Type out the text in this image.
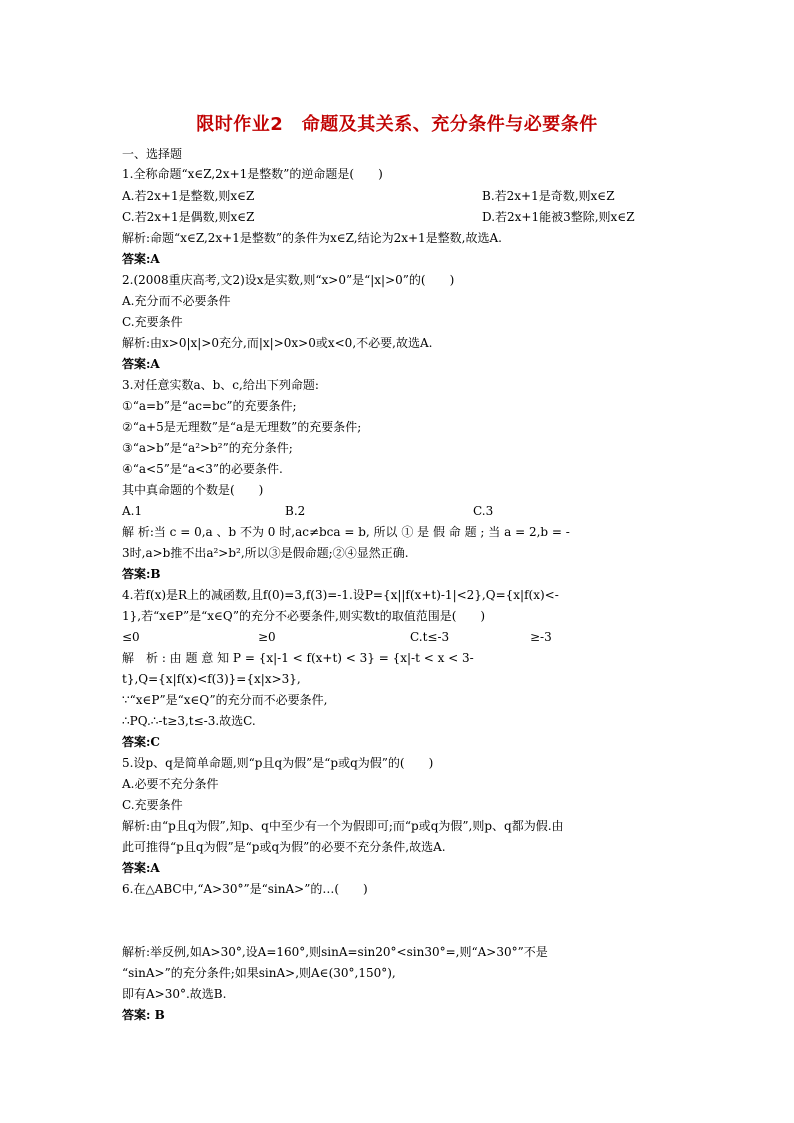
限时作业2　命题及其关系、充分条件与必要条件
一、选择题
1.全称命题“x∈Z,2x+1是整数”的逆命题是(　　)
A.若2x+1是整数,则x∈Z	B.若2x+1是奇数,则x∈Z
C.若2x+1是偶数,则x∈Z	D.若2x+1能被3整除,则x∈Z
解析:命题“x∈Z,2x+1是整数”的条件为x∈Z,结论为2x+1是整数,故选A.
答案:A
2.(2008重庆高考,文2)设x是实数,则“x>0”是“|x|>0”的(　　)
A.充分而不必要条件
C.充要条件
解析:由x>0|x|>0充分,而|x|>0x>0或x<0,不必要,故选A.
答案:A
3.对任意实数a、b、c,给出下列命题:
①“a=b”是“ac=bc”的充要条件;
②“a+5是无理数”是“a是无理数”的充要条件;
③“a>b”是“a²>b²”的充分条件;
④“a<5”是“a<3”的必要条件.
其中真命题的个数是(　　)
A.1	B.2	C.3
解 析:当 c = 0,a 、b 不为 0 时,ac≠bca = b, 所以 ① 是 假 命 题 ; 当 a = 2,b = -
3时,a>b推不出a²>b²,所以③是假命题;②④显然正确.
答案:B
4.若f(x)是R上的减函数,且f(0)=3,f(3)=-1.设P={x||f(x+t)-1|<2},Q={x|f(x)<-
1},若“x∈P”是“x∈Q”的充分不必要条件,则实数t的取值范围是(　　)
≤0	≥0	C.t≤-3	≥-3
解　析 : 由 题 意 知 P = {x|-1 < f(x+t) < 3} = {x|-t < x < 3-
t},Q={x|f(x)<f(3)}={x|x>3},
∵“x∈P”是“x∈Q”的充分而不必要条件,
∴PQ.∴-t≥3,t≤-3.故选C.
答案:C
5.设p、q是简单命题,则“p且q为假”是“p或q为假”的(　　)
A.必要不充分条件
C.充要条件
解析:由“p且q为假”,知p、q中至少有一个为假即可;而“p或q为假”,则p、q都为假.由
此可推得“p且q为假”是“p或q为假”的必要不充分条件,故选A.
答案:A
6.在△ABC中,“A>30°”是“sinA>”的…(　　)
解析:举反例,如A>30°,设A=160°,则sinA=sin20°<sin30°=,则“A>30°”不是
“sinA>”的充分条件;如果sinA>,则A∈(30°,150°),
即有A>30°.故选B.
答案: B
